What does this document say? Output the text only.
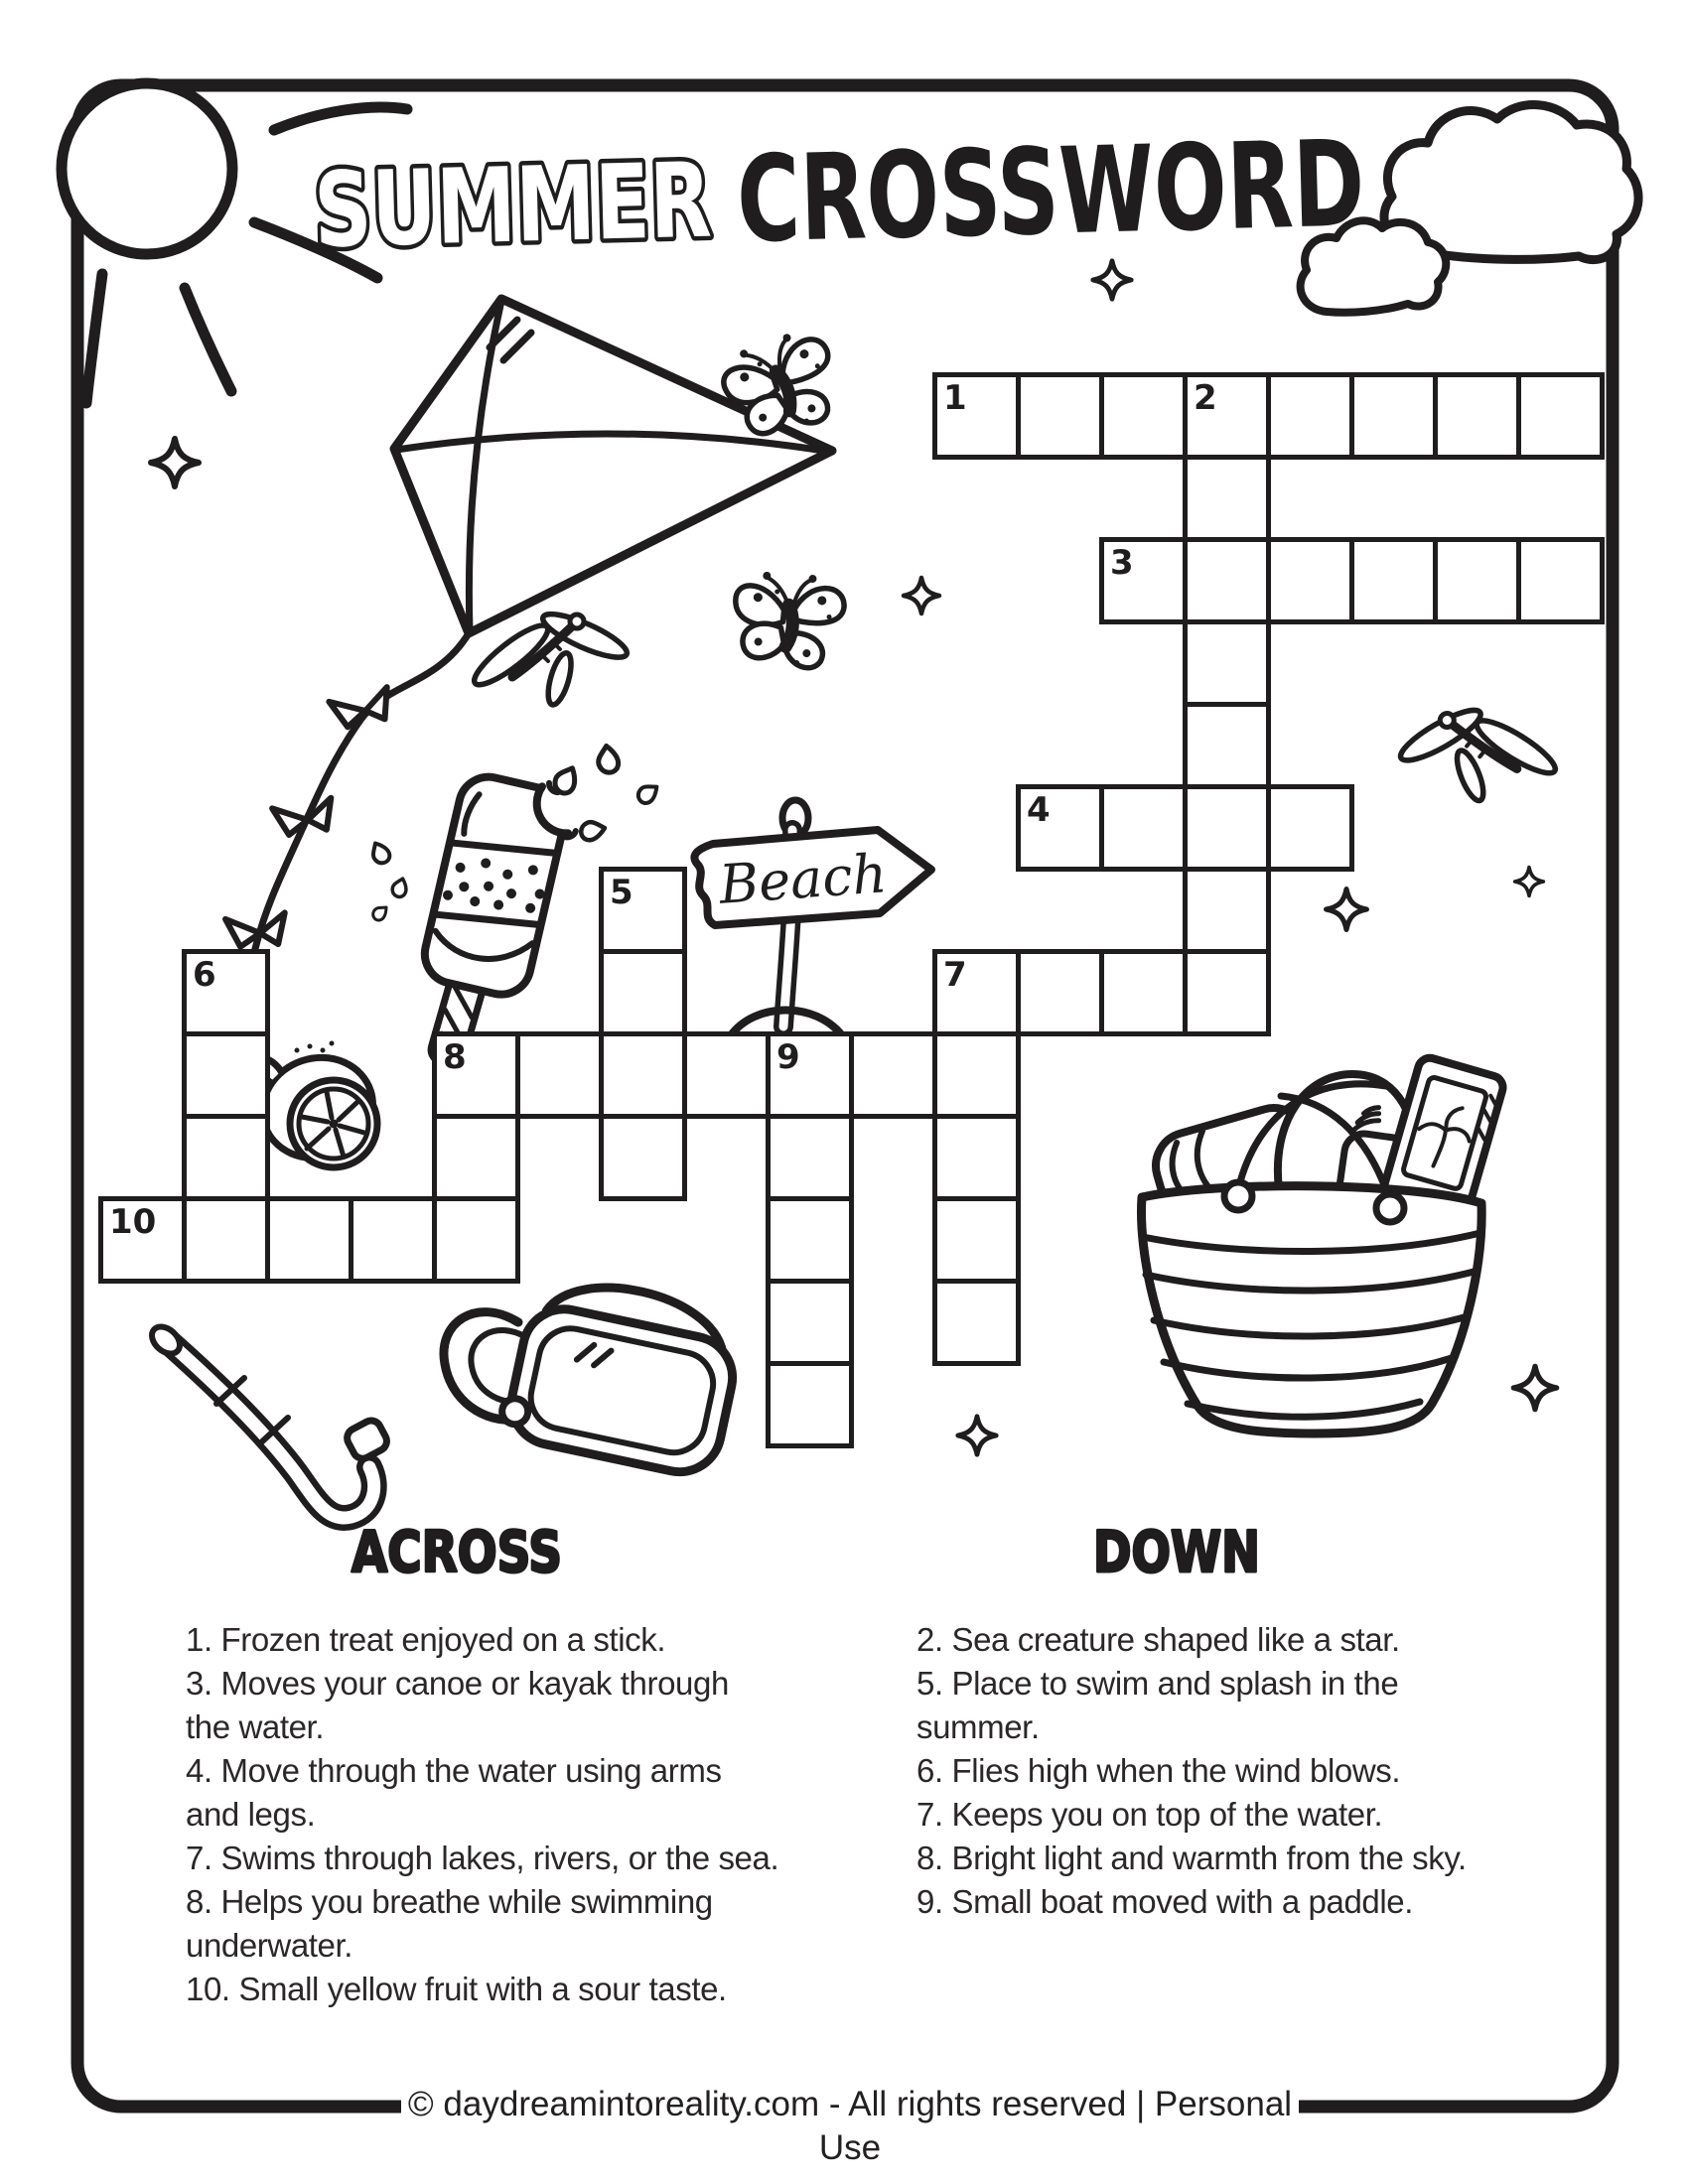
Beach
SUMMER
CROSSWORD
ACROSS	DOWN
1	2
3
4
5
6	7
8	9
10
1. Frozen treat enjoyed on a stick.
3. Moves your canoe or kayak through
the water.
4. Move through the water using arms
and legs.
7. Swims through lakes, rivers, or the sea.
8. Helps you breathe while swimming
underwater.
10. Small yellow fruit with a sour taste.
2. Sea creature shaped like a star.
5. Place to swim and splash in the
summer.
6. Flies high when the wind blows.
7. Keeps you on top of the water.
8. Bright light and warmth from the sky.
9. Small boat moved with a paddle.
© daydreamintoreality.com - All rights reserved | Personal Use
